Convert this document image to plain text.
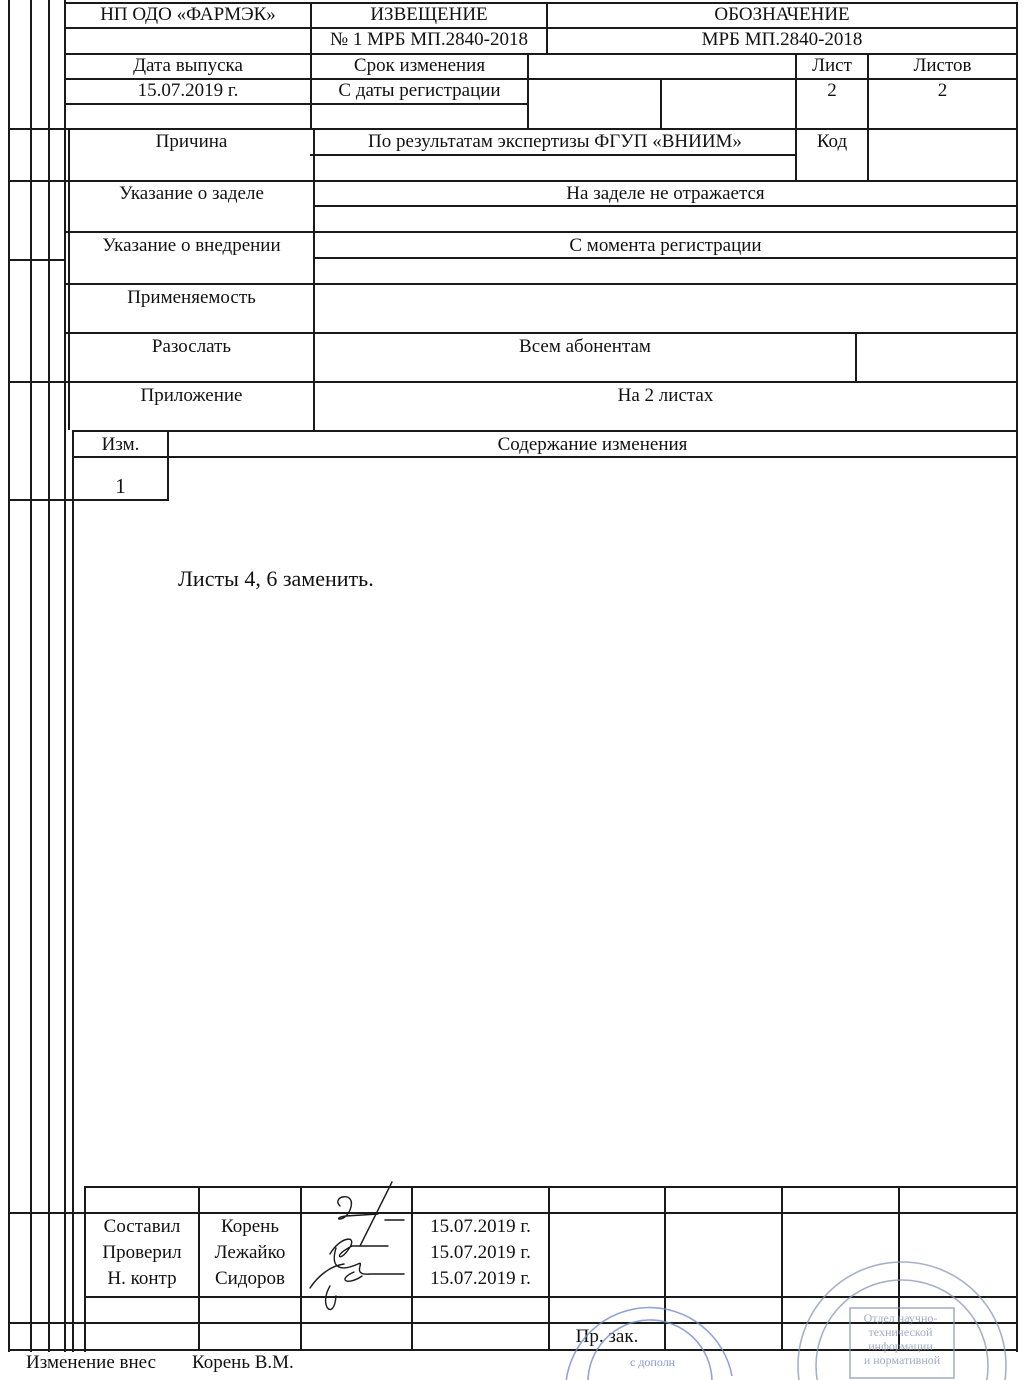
НП ОДО «ФАРМЭК»	ИЗВЕЩЕНИЕ	ОБОЗНАЧЕНИЕ
№ 1 МРБ МП.2840-2018	МРБ МП.2840-2018
Дата выпуска	Срок изменения	Лист	Листов
15.07.2019 г.	С даты регистрации	2	2
Причина	По результатам экспертизы ФГУП «ВНИИМ»	Код
Указание о заделе	На заделе не отражается
Указание о внедрении	С момента регистрации
Применяемость
Разослать	Всем абонентам
Приложение	На 2 листах
Изм.	Содержание изменения
1
Листы 4, 6 заменить.
Составил	Корень	15.07.2019 г.
Проверил	Лежайко	15.07.2019 г.
Н. контр	Сидоров	15.07.2019 г.
Пр. зак.
Изменение внес Корень В.М.
Отдел научно- технической информации и нормативной
с дополн
